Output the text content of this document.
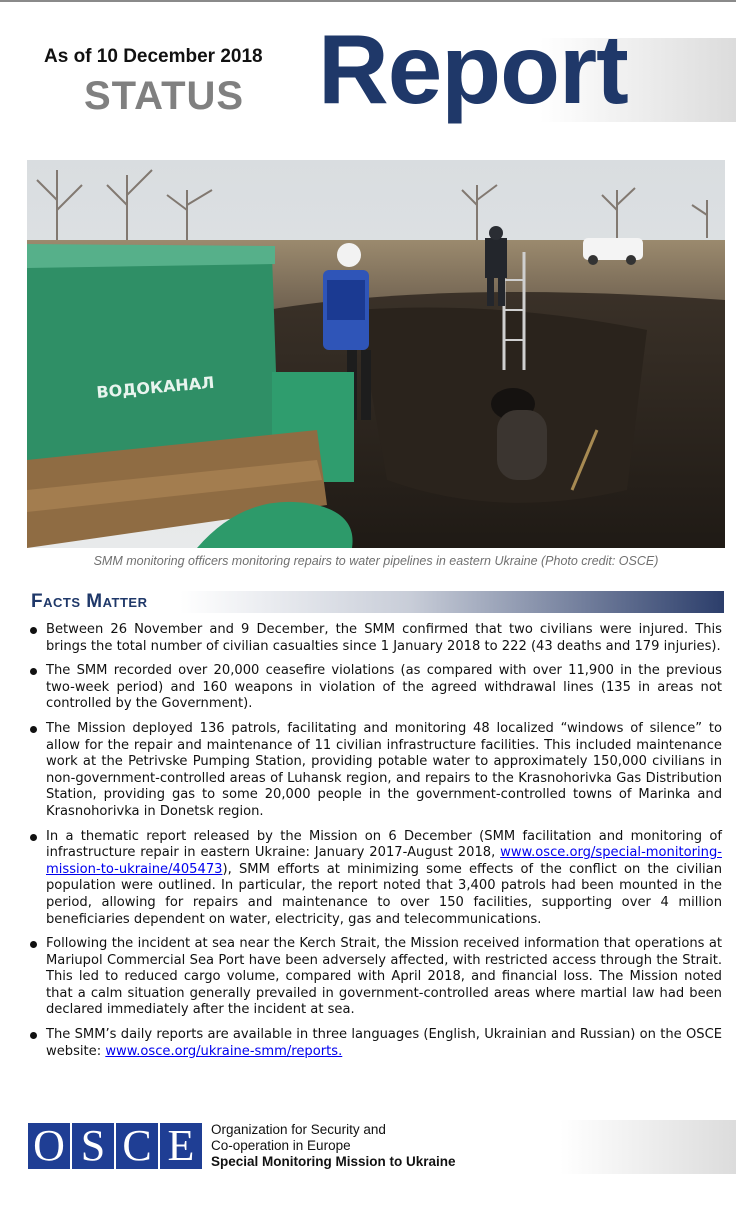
As of 10 December 2018
STATUS Report
ВОДОКАНАЛ
SMM monitoring officers monitoring repairs to water pipelines in eastern Ukraine (Photo credit: OSCE)
Facts Matter
Between 26 November and 9 December, the SMM confirmed that two civilians were injured. This brings the total number of civilian casualties since 1 January 2018 to 222 (43 deaths and 179 injuries).
The SMM recorded over 20,000 ceasefire violations (as compared with over 11,900 in the previous two-week period) and 160 weapons in violation of the agreed withdrawal lines (135 in areas not controlled by the Government).
The Mission deployed 136 patrols, facilitating and monitoring 48 localized “windows of silence” to allow for the repair and maintenance of 11 civilian infrastructure facilities. This included maintenance work at the Petrivske Pumping Station, providing potable water to approximately 150,000 civilians in non-government-controlled areas of Luhansk region, and repairs to the Krasnohorivka Gas Distribution Station, providing gas to some 20,000 people in the government-controlled towns of Marinka and Krasnohorivka in Donetsk region.
In a thematic report released by the Mission on 6 December (SMM facilitation and monitoring of infrastructure repair in eastern Ukraine: January 2017-August 2018, www.osce.org/special-monitoring-mission-to-ukraine/405473), SMM efforts at minimizing some effects of the conflict on the civilian population were outlined. In particular, the report noted that 3,400 patrols had been mounted in the period, allowing for repairs and maintenance to over 150 facilities, supporting over 4 million beneficiaries dependent on water, electricity, gas and telecommunications.
Following the incident at sea near the Kerch Strait, the Mission received information that operations at Mariupol Commercial Sea Port have been adversely affected, with restricted access through the Strait. This led to reduced cargo volume, compared with April 2018, and financial loss. The Mission noted that a calm situation generally prevailed in government-controlled areas where martial law had been declared immediately after the incident at sea.
The SMM’s daily reports are available in three languages (English, Ukrainian and Russian) on the OSCE website: www.osce.org/ukraine-smm/reports.
O S C E	Organization for Security and
Co-operation in Europe
Special Monitoring Mission to Ukraine
